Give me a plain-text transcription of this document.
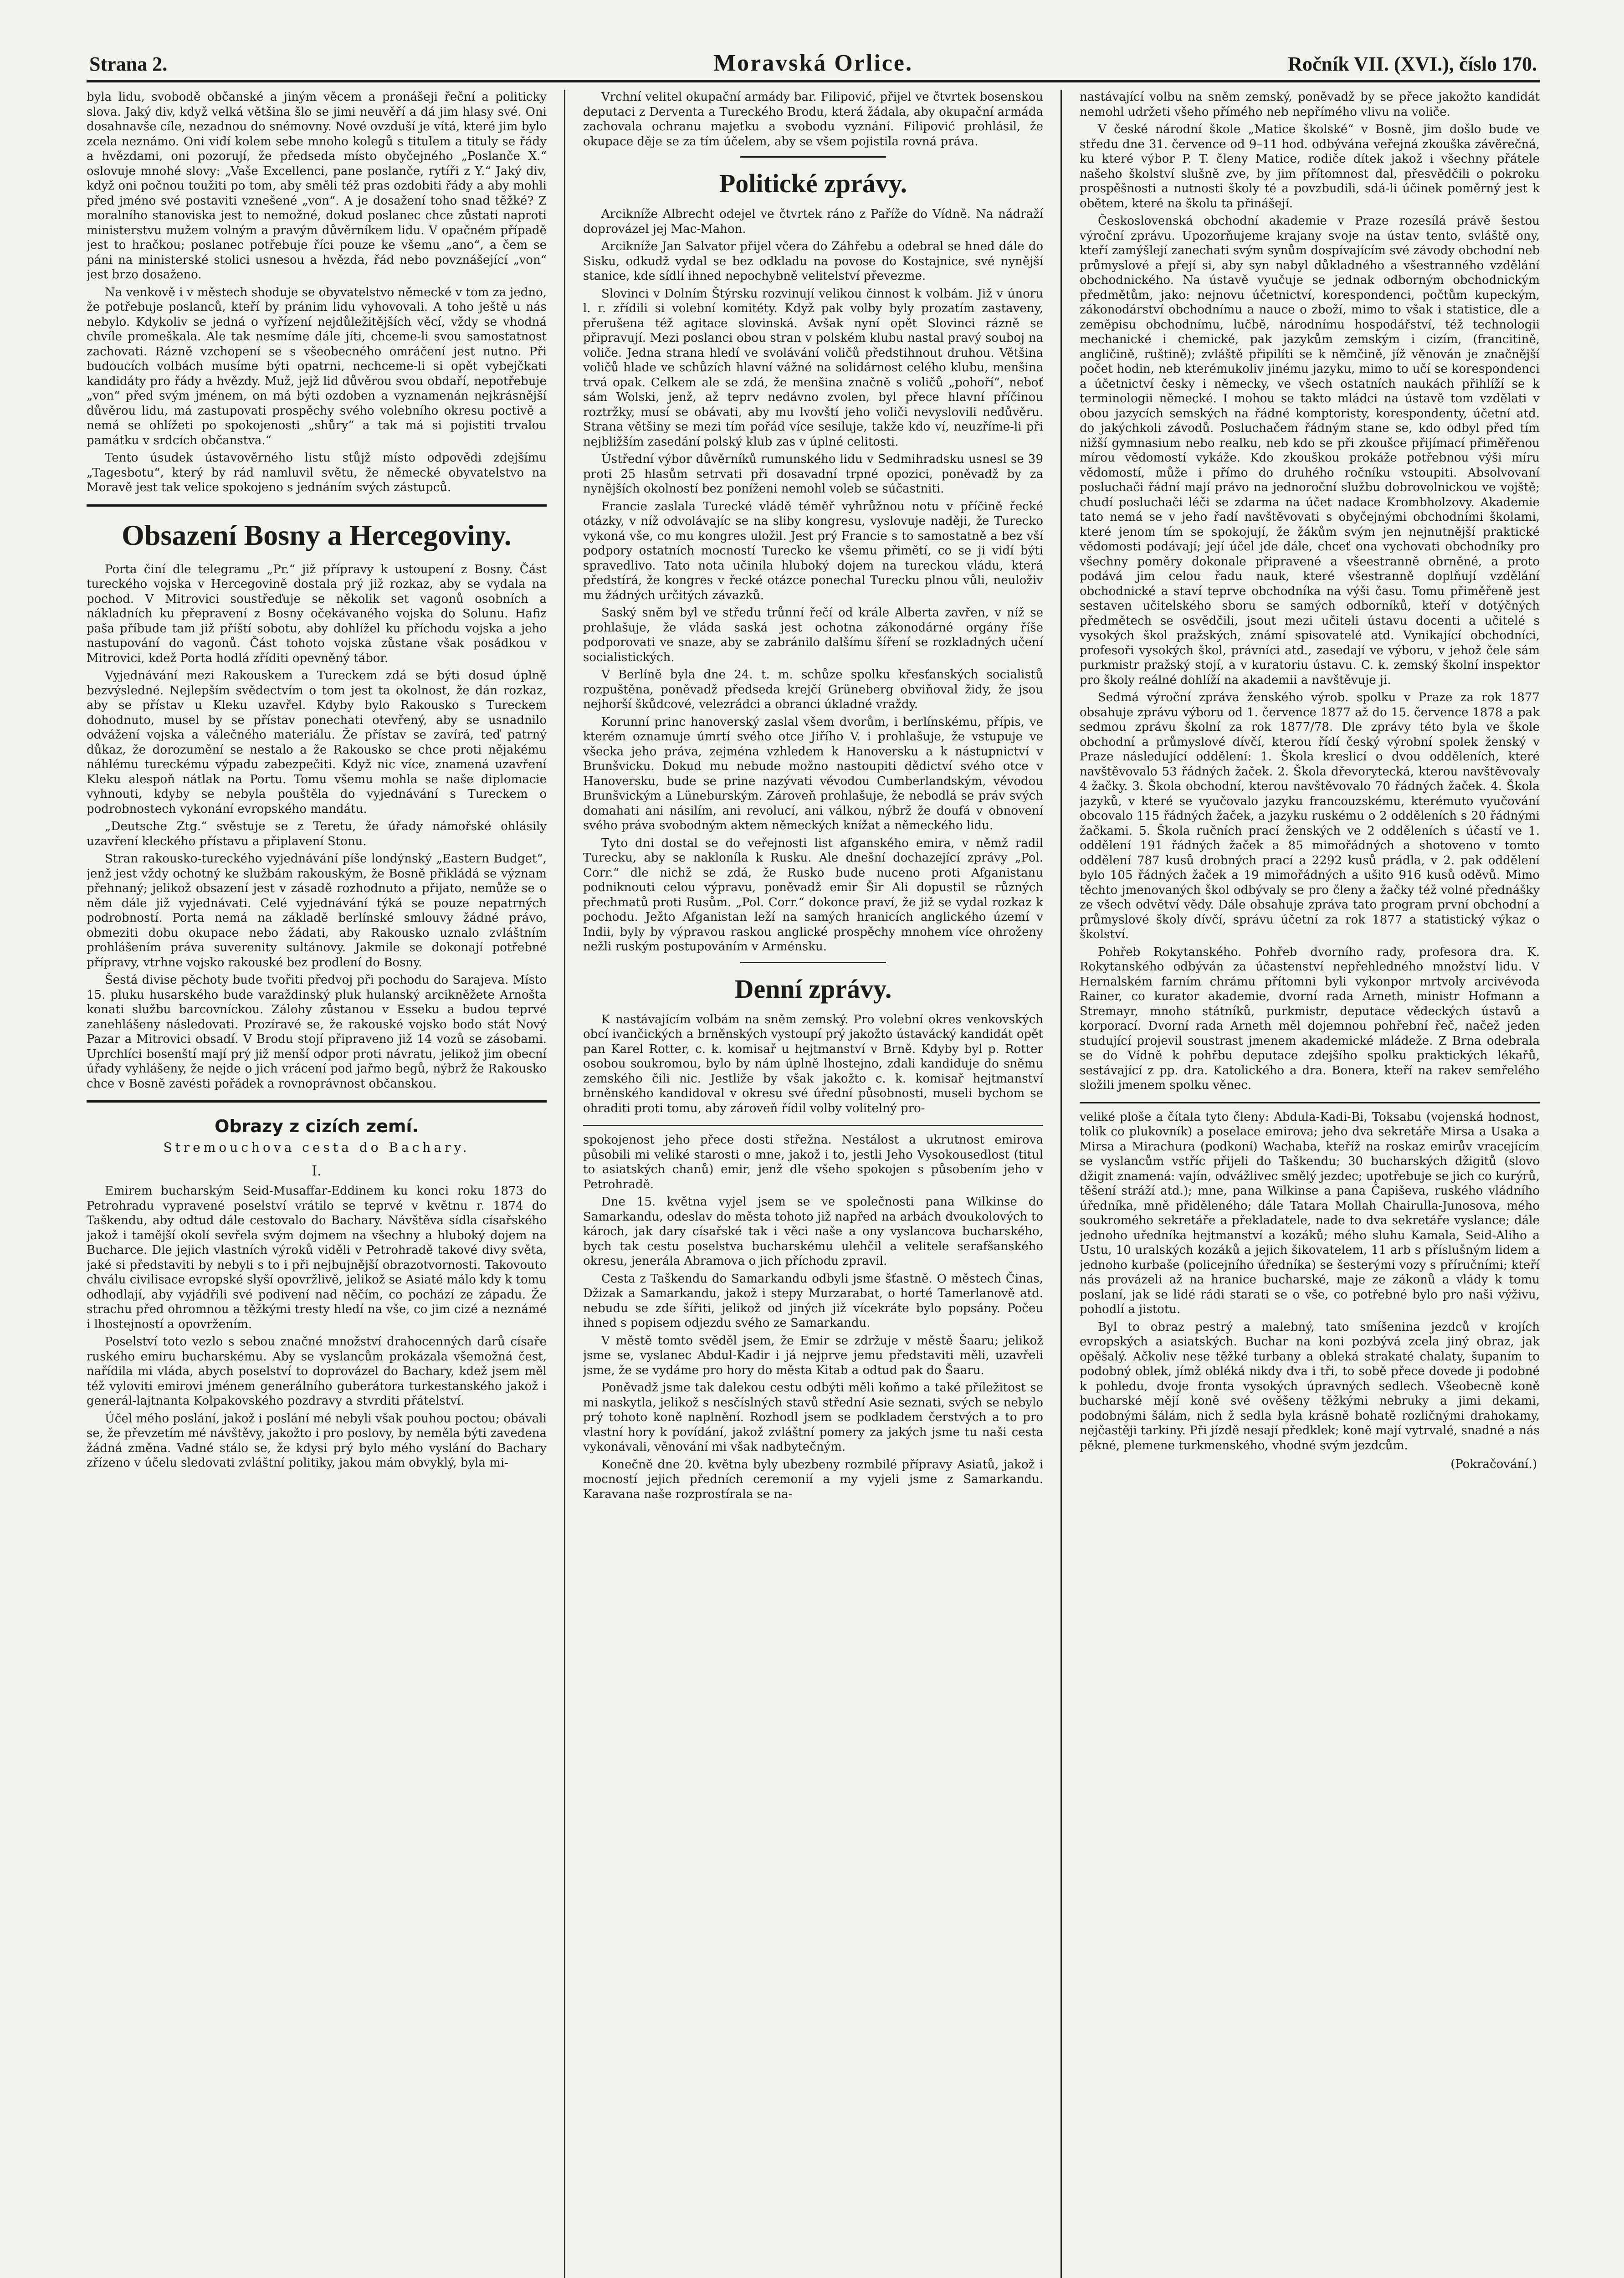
Strana 2.	Moravská Orlice.	Ročník VII. (XVI.), číslo 170.

byla lidu, svobodě občanské a jiným věcem a pronášeji řeční a politicky slova. Jaký div, když velká většina šlo se jimi neuvěří a dá jim hlasy své. Oni dosahnavše cíle, nezadnou do snémovny. Nové ovzduší je vítá, které jim bylo zcela neznámo. Oni vidí kolem sebe mnoho kolegů s titulem a tituly se řády a hvězdami, oni pozorují, že předseda místo obyčejného „Poslanče X.“ oslovuje mnohé slovy: „Vaše Excellenci, pane poslanče, rytíři z Y.“ Jaký div, když oni počnou toužiti po tom, aby směli též pras ozdobiti řády a aby mohli před jméno své postaviti vznešené „von“. A je dosažení toho snad těžké? Z moralního stanoviska jest to nemožné, dokud poslanec chce zůstati naproti ministerstvu mužem volným a pravým důvěrníkem lidu. V opačném případě jest to hračkou; poslanec potřebuje říci pouze ke všemu „ano“, a čem se páni na ministerské stolici usnesou a hvězda, řád nebo povznášející „von“ jest brzo dosaženo.

Na venkově i v městech shoduje se obyvatelstvo německé v tom za jedno, že potřebuje poslanců, kteří by pránim lidu vyhovovali. A toho ještě u nás nebylo. Kdykoliv se jedná o vyřízení nejdůležitějších věcí, vždy se vhodná chvíle promeškala. Ale tak nesmíme dále jíti, chceme-li svou samostatnost zachovati. Rázně vzchopení se s všeobecného omráčení jest nutno. Při budoucích volbách musíme býti opatrni, nechceme-li si opět vybejčkati kandidáty pro řády a hvězdy. Muž, jejž lid důvěrou svou obdaří, nepotřebuje „von“ před svým jménem, on má býti ozdoben a vyznamenán nejkrásnější důvěrou lidu, má zastupovati prospěchy svého volebního okresu poctivě a nemá se ohlížeti po spokojenosti „shůry“ a tak má si pojistiti trvalou památku v srdcích občanstva.“

Tento úsudek ústavověrného listu stůjž místo odpovědi zdejšímu „Tagesbotu“, který by rád namluvil světu, že německé obyvatelstvo na Moravě jest tak velice spokojeno s jednáním svých zástupců.

Obsazení Bosny a Hercegoviny.

Porta činí dle telegramu „Pr.“ již přípravy k ustoupení z Bosny. Část tureckého vojska v Hercegovině dostala prý již rozkaz, aby se vydala na pochod. V Mitrovici soustřeďuje se několik set vagonů osobních a nákladních ku přepravení z Bosny očekávaného vojska do Solunu. Hafiz paša příbude tam již příští sobotu, aby dohlížel ku příchodu vojska a jeho nastupování do vagonů. Část tohoto vojska zůstane však posádkou v Mitrovici, kdež Porta hodlá zříditi opevněný tábor.

Vyjednávání mezi Rakouskem a Tureckem zdá se býti dosud úplně bezvýsledné. Nejlepším svědectvím o tom jest ta okolnost, že dán rozkaz, aby se přístav u Kleku uzavřel. Kdyby bylo Rakousko s Tureckem dohodnuto, musel by se přístav ponechati otevřený, aby se usnadnilo odvážení vojska a válečného materiálu. Že přístav se zavírá, teď patrný důkaz, že dorozumění se nestalo a že Rakousko se chce proti nějakému náhlému tureckému výpadu zabezpečiti. Když nic více, znamená uzavření Kleku alespoň nátlak na Portu. Tomu všemu mohla se naše diplomacie vyhnouti, kdyby se nebyla pouštěla do vyjednávání s Tureckem o podrobnostech vykonání evropského mandátu.

„Deutsche Ztg.“ svěstuje se z Teretu, že úřady námořské ohlásily uzavření kleckého přístavu a připlavení Stonu.

Stran rakousko-tureckého vyjednávání píše londýnský „Eastern Budget“, jenž jest vždy ochotný ke službám rakouským, že Bosně přikládá se význam přehnaný; jelikož obsazení jest v zásadě rozhodnuto a přijato, nemůže se o něm dále již vyjednávati. Celé vyjednávání týká se pouze nepatrných podrobností. Porta nemá na základě berlínské smlouvy žádné právo, obmeziti dobu okupace nebo žádati, aby Rakousko uznalo zvláštním prohlášením práva suverenity sultánovy. Jakmile se dokonají potřebné přípravy, vtrhne vojsko rakouské bez prodlení do Bosny.

Šestá divise pěchoty bude tvořiti předvoj při pochodu do Sarajeva. Místo 15. pluku husarského bude varaždinský pluk hulanský arcikněžete Arnošta konati službu barcovníckou. Zálohy zůstanou v Esseku a budou teprvé zanehlášeny následovati. Prozíravé se, že rakouské vojsko bodo stát Nový Pazar a Mitrovici obsadí. V Brodu stojí připraveno již 14 vozů se zásobami. Uprchlíci bosenští mají prý již menší odpor proti návratu, jelikož jim obecní úřady vyhlášeny, že nejde o jich vrácení pod jařmo begů, nýbrž že Rakousko chce v Bosně zavésti pořádek a rovnoprávnost občanskou.

Obrazy z cizích zemí.
Stremouchova cesta do Bachary.
I.

Emirem bucharským Seid-Musaffar-Eddinem ku konci roku 1873 do Petrohradu vypravené poselství vrátilo se teprvé v květnu r. 1874 do Taškendu, aby odtud dále cestovalo do Bachary. Návštěva sídla císařského jakož i tamější okolí sevřela svým dojmem na všechny a hluboký dojem na Bucharce. Dle jejich vlastních výroků viděli v Petrohradě takové divy světa, jaké si představiti by nebyli s to i při nejbujnější obrazotvornosti. Takovouto chválu civilisace evropské slyší opovržlivě, jelikož se Asiaté málo kdy k tomu odhodlají, aby vyjádřili své podivení nad něčím, co pochází ze západu. Že strachu před ohromnou a těžkými tresty hledí na vše, co jim cizé a neznámé i lhostejností a opovržením.

Poselství toto vezlo s sebou značné množství drahocenných darů císaře ruského emiru bucharskému. Aby se vyslancům prokázala všemožná čest, nařídila mi vláda, abych poselství to doprovázel do Bachary, kdež jsem měl též vyloviti emirovi jménem generálního guberátora turkestanského jakož i generál-lajtnanta Kolpakovského pozdravy a stvrditi přátelství.

Účel mého poslání, jakož i poslání mé nebyli však pouhou poctou; obávali se, že převzetím mé návštěvy, jakožto i pro poslovy, by neměla býti zavedena žádná změna. Vadné stálo se, že kdysi prý bylo mého vyslání do Bachary zřízeno v účelu sledovati zvláštní politiky, jakou mám obvyklý, byla mi-

Vrchní velitel okupační armády bar. Filipović, přijel ve čtvrtek bosenskou deputaci z Derventa a Tureckého Brodu, která žádala, aby okupační armáda zachovala ochranu majetku a svobodu vyznání. Filipović prohlásil, že okupace děje se za tím účelem, aby se všem pojistila rovná práva.

Politické zprávy.

Arcikníže Albrecht odejel ve čtvrtek ráno z Paříže do Vídně. Na nádraží doprovázel jej Mac-Mahon.

Arcikníže Jan Salvator přijel včera do Záhřebu a odebral se hned dále do Sisku, odkudž vydal se bez odkladu na povose do Kostajnice, své nynější stanice, kde sídlí ihned nepochybně velitelství převezme.

Slovinci v Dolním Štýrsku rozvinují velikou činnost k volbám. Již v únoru l. r. zřídili si volební komitéty. Když pak volby byly prozatím zastaveny, přerušena též agitace slovinská. Avšak nyní opět Slovinci rázně se připravují. Mezi poslanci obou stran v polském klubu nastal pravý souboj na voliče. Jedna strana hledí ve svolávání voličů předstihnout druhou. Většina voličů hlade ve schůzích hlavní vážné na solidárnost celého klubu, menšina trvá opak. Celkem ale se zdá, že menšina značně s voličů „pohoří“, neboť sám Wolski, jenž, až teprv nedávno zvolen, byl přece hlavní příčinou roztržky, musí se obávati, aby mu lvovští jeho voliči nevyslovili nedůvěru. Strana většiny se mezi tím pořád více sesiluje, takže kdo ví, neuzříme-li při nejbližším zasedání polský klub zas v úplné celitosti.

Ústřední výbor důvěrníků rumunského lidu v Sedmihradsku usnesl se 39 proti 25 hlasům setrvati při dosavadní trpné opozici, poněvadž by za nynějších okolností bez poníženi nemohl voleb se súčastniti.

Francie zaslala Turecké vládě téměř vyhrůžnou notu v příčině řecké otázky, v níž odvolávajíc se na sliby kongresu, vyslovuje naději, že Turecko vykoná vše, co mu kongres uložil. Jest prý Francie s to samostatně a bez vší podpory ostatních mocností Turecko ke všemu přimětí, co se ji vidí býti spravedlivo. Tato nota učinila hluboký dojem na tureckou vládu, která předstírá, že kongres v řecké otázce ponechal Turecku plnou vůli, neuloživ mu žádných určitých závazků.

Saský sněm byl ve středu trůnní řečí od krále Alberta zavřen, v níž se prohlašuje, že vláda saská jest ochotna zákonodárné orgány říše podporovati ve snaze, aby se zabránilo dalšímu šíření se rozkladných učení socialistických.

V Berlíně byla dne 24. t. m. schůze spolku křesťanských socialistů rozpuštěna, poněvadž předseda krejčí Grüneberg obviňoval židy, že jsou nejhorší škůdcové, velezrádci a obranci úkladné vraždy.

Korunní princ hanoverský zaslal všem dvorům, i berlínskému, přípis, ve kterém oznamuje úmrtí svého otce Jiřího V. i prohlašuje, že vstupuje ve všecka jeho práva, zejména vzhledem k Hanoversku a k nástupnictví v Brunšvicku. Dokud mu nebude možno nastoupiti dědictví svého otce v Hanoversku, bude se prine nazývati vévodou Cumberlandským, vévodou Brunšvickým a Lüneburským. Zároveň prohlašuje, že nebodlá se práv svých domahati ani násilím, ani revolucí, ani válkou, nýbrž že doufá v obnovení svého práva svobodným aktem německých knížat a německého lidu.

Tyto dni dostal se do veřejnosti list afganského emira, v němž radil Turecku, aby se nakloníla k Rusku. Ale dnešní dochazející zprávy „Pol. Corr.“ dle nichž se zdá, že Rusko bude nuceno proti Afganistanu podniknouti celou výpravu, poněvadž emir Šir Ali dopustil se různých přechmatů proti Rusům. „Pol. Corr.“ dokonce praví, že již se vydal rozkaz k pochodu. Ježto Afganistan leží na samých hranicích anglického území v Indii, byly by výpravou raskou anglické prospěchy mnohem více ohroženy nežli ruským postupováním v Arménsku.

Denní zprávy.

K nastávajícím volbám na sněm zemský. Pro volební okres venkovských obcí ivančických a brněnských vystoupí prý jakožto ústavácký kandidát opět pan Karel Rotter, c. k. komisař u hejtmanství v Brně. Kdyby byl p. Rotter osobou soukromou, bylo by nám úplně lhostejno, zdali kandiduje do sněmu zemského čili nic. Jestliže by však jakožto c. k. komisař hejtmanství brněnského kandidoval v okresu své úřední působnosti, museli bychom se ohraditi proti tomu, aby zároveň řídil volby volitelný pro-

spokojenost jeho přece dosti střežna. Nestálost a ukrutnost emirova působili mi veliké starosti o mne, jakož i to, jestli Jeho Vysokousedlost (titul to asiatských chanů) emir, jenž dle všeho spokojen s působením jeho v Petrohradě.

Dne 15. května vyjel jsem se ve společnosti pana Wilkinse do Samarkandu, odeslav do města tohoto již napřed na arbách dvoukolových to károch, jak dary císařské tak i věci naše a ony vyslancova bucharského, bych tak cestu poselstva bucharskému ulehčil a velitele serafšanského okresu, jenerála Abramova o jich příchodu zpravil.

Cesta z Taškendu do Samarkandu odbyli jsme šťastně. O městech Činas, Džizak a Samarkandu, jakož i stepy Murzarabat, o horté Tamerlanově atd. nebudu se zde šířiti, jelikož od jiných již vícekráte bylo popsány. Počeu ihned s popisem odjezdu svého ze Samarkandu.

V městě tomto svěděl jsem, že Emir se zdržuje v městě Šaaru; jelikož jsme se, vyslanec Abdul-Kadir i já nejprve jemu představiti měli, uzavřeli jsme, že se vydáme pro hory do města Kitab a odtud pak do Šaaru.

Poněvadž jsme tak dalekou cestu odbýti měli koňmo a také příležitost se mi naskytla, jelikož s nesčíslných stavů střední Asie seznati, svých se nebylo prý tohoto koně naplnění. Rozhodl jsem se podkladem čerstvých a to pro vlastní hory k povídání, jakož zvláštní pomery za jakých jsme tu naši cesta vykonávali, věnování mi však nadbytečným.

Konečně dne 20. května byly ubezbeny rozmbilé přípravy Asiatů, jakož i mocností jejich předních ceremonií a my vyjeli jsme z Samarkandu. Karavana naše rozprostírala se na-

nastávající volbu na sněm zemský, poněvadž by se přece jakožto kandidát nemohl udržeti všeho přímého neb nepřímého vlivu na voliče.

V české národní škole „Matice školské“ v Bosně, jim došlo bude ve středu dne 31. července od 9–11 hod. odbývána veřejná zkouška závěrečná, ku které výbor P. T. členy Matice, rodiče dítek jakož i všechny přátele našeho školství slušně zve, by jim přítomnost dal, přesvědčili o pokroku prospěšnosti a nutnosti školy té a povzbudili, sdá-li účinek poměrný jest k obětem, které na školu ta přinášejí.

Československá obchodní akademie v Praze rozesílá právě šestou výroční zprávu. Upozorňujeme krajany svoje na ústav tento, svláště ony, kteří zamýšlejí zanechati svým synům dospívajícím své závody obchodní neb průmyslové a přejí si, aby syn nabyl důkladného a všestranného vzdělání obchodnického. Na ústavě vyučuje se jednak odborným obchodnickým předmětům, jako: nejnovu účetnictví, korespondenci, počtům kupeckým, zákonodárství obchodnímu a nauce o zboží, mimo to však i statistice, dle a zeměpisu obchodnímu, lučbě, národnímu hospodářství, též technologii mechanické i chemické, pak jazykům zemským i cizím, (francitině, angličině, ruštině); zvláště připilíti se k němčině, jíž věnován je značnější počet hodin, neb kterémukoliv jinému jazyku, mimo to učí se korespondenci a účetnictví česky i německy, ve všech ostatních naukách přihlíží se k terminologii německé. I mohou se takto mládci na ústavě tom vzdělati v obou jazycích semských na řádné komptoristy, korespondenty, účetní atd. do jakýchkoli závodů. Posluchačem řádným stane se, kdo odbyl před tím nižší gymnasium nebo realku, neb kdo se při zkoušce přijímací přiměřenou mírou vědomostí vykáže. Kdo zkouškou prokáže potřebnou výši míru vědomostí, může i přímo do druhého ročníku vstoupiti. Absolvovaní posluchači řádní mají právo na jednoroční službu dobrovolnickou ve vojště; chudí posluchači léči se zdarma na účet nadace Krombholzovy. Akademie tato nemá se v jeho řadí navštěvovati s obyčejnými obchodními školami, které jenom tím se spokojují, že žákům svým jen nejnutnější praktické vědomosti podávají; její účel jde dále, chceť ona vychovati obchodníky pro všechny poměry dokonale připravené a všeestranně obrněné, a proto podává jim celou řadu nauk, které všestranně doplňují vzdělání obchodnické a staví teprve obchodníka na výši času. Tomu přiměřeně jest sestaven učitelského sboru se samých odborníků, kteří v dotýčných předmětech se osvědčili, jsout mezi učiteli ústavu docenti a učitelé s vysokých škol pražských, známí spisovatelé atd. Vynikající obchodníci, profesoři vysokých škol, právníci atd., zasedají ve výboru, v jehož čele sám purkmistr pražský stojí, a v kuratoriu ústavu. C. k. zemský školní inspektor pro školy reálné dohlíží na akademii a navštěvuje ji.

Sedmá výroční zpráva ženského výrob. spolku v Praze za rok 1877 obsahuje zprávu výboru od 1. července 1877 až do 15. července 1878 a pak sedmou zprávu školní za rok 1877/78. Dle zprávy této byla ve škole obchodní a průmyslové dívčí, kterou řídí český výrobní spolek ženský v Praze následující oddělení: 1. Škola kreslicí o dvou odděleních, které navštěvovalo 53 řádných žaček. 2. Škola dřevorytecká, kterou navštěvovaly 4 žačky. 3. Škola obchodní, kterou navštěvovalo 70 řádných žaček. 4. Škola jazyků, v které se vyučovalo jazyku francouzskému, kterémuto vyučování obcovalo 115 řádných žaček, a jazyku ruskému o 2 odděleních s 20 řádnými žačkami. 5. Škola ručních prací ženských ve 2 odděleních s účastí ve 1. oddělení 191 řádných žaček a 85 mimořádných a shotoveno v tomto oddělení 787 kusů drobných prací a 2292 kusů prádla, v 2. pak oddělení bylo 105 řádných žaček a 19 mimořádných a ušito 916 kusů oděvů. Mimo těchto jmenovaných škol odbývaly se pro členy a žačky též volné přednášky ze všech odvětví vědy. Dále obsahuje zpráva tato program první obchodní a průmyslové školy dívčí, správu účetní za rok 1877 a statistický výkaz o školství.

Pohřeb Rokytanského. Pohřeb dvorního rady, profesora dra. K. Rokytanského odbýván za účastenství nepřehledného množství lidu. V Hernalském farním chrámu přítomni byli vykonpor mrtvoly arcivévoda Rainer, co kurator akademie, dvorní rada Arneth, ministr Hofmann a Stremayr, mnoho státníků, purkmistr, deputace vědeckých ústavů a korporací. Dvorní rada Arneth měl dojemnou pohřební řeč, načež jeden studující projevil soustrast jmenem akademické mládeže. Z Brna odebrala se do Vídně k pohřbu deputace zdejšího spolku praktických lékařů, sestávající z pp. dra. Katolického a dra. Bonera, kteří na rakev semřelého složili jmenem spolku věnec.

veliké ploše a čítala tyto členy: Abdula-Kadi-Bi, Toksabu (vojenská hodnost, tolik co plukovník) a poselace emirova; jeho dva sekretáře Mirsa a Usaka a Mirsa a Mirachura (podkoní) Wachaba, kteříž na roskaz emirův vracejícím se vyslancům vstříc přijeli do Taškendu; 30 bucharských džigitů (slovo džigit znamená: vajín, odvážlivec smělý jezdec; upotřebuje se jich co kurýrů, těšení stráží atd.); mne, pana Wilkinse a pana Čapiševa, ruského vládního úředníka, mně přiděleného; dále Tatara Mollah Chairulla-Junosova, mého soukromého sekretáře a překladatele, nade to dva sekretáře vyslance; dále jednoho uředníka hejtmanství a kozáků; mého sluhu Kamala, Seid-Aliho a Ustu, 10 uralských kozáků a jejich šikovatelem, 11 arb s příslušným lidem a jednoho kurbaše (policejního úředníka) se šesterými vozy s příručními; kteří nás provázeli až na hranice bucharské, maje ze zákonů a vlády k tomu poslaní, jak se lidé rádi starati se o vše, co potřebné bylo pro naši výživu, pohodlí a jistotu.

Byl to obraz pestrý a malebný, tato smíšenina jezdců v krojích evropských a asiatských. Buchar na koni pozbývá zcela jiný obraz, jak opěšalý. Ačkoliv nese těžké turbany a obleká strakaté chalaty, šupaním to podobný oblek, jímž obléká nikdy dva i tři, to sobě přece dovede ji podobné k pohledu, dvoje fronta vysokých úpravných sedlech. Všeobecně koně bucharské mějí koně své ověšeny těžkými nebruky a jimi dekami, podobnými šálám, nich ž sedla byla krásně bohatě rozličnými drahokamy, nejčastěji tarkiny. Při jízdě nesají předklek; koně mají vytrvalé, snadné a nás pěkné, plemene turkmenského, vhodné svým jezdcům.

(Pokračování.)
